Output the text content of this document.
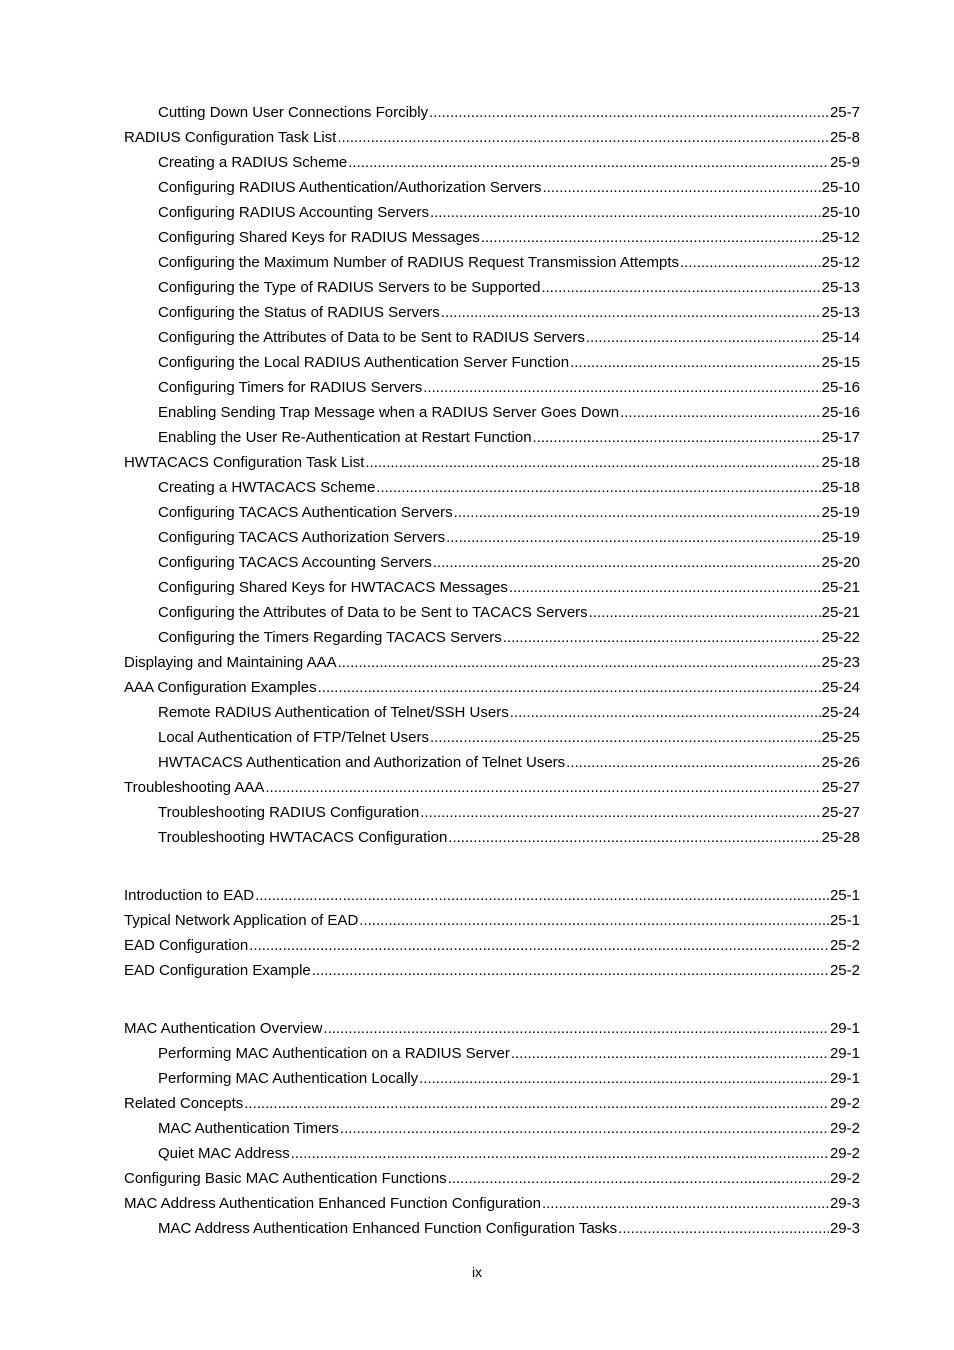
Cutting Down User Connections Forcibly .....	25-7
RADIUS Configuration Task List .....	25-8
Creating a RADIUS Scheme .....	25-9
Configuring RADIUS Authentication/Authorization Servers .....	25-10
Configuring RADIUS Accounting Servers .....	25-10
Configuring Shared Keys for RADIUS Messages .....	25-12
Configuring the Maximum Number of RADIUS Request Transmission Attempts .....	25-12
Configuring the Type of RADIUS Servers to be Supported .....	25-13
Configuring the Status of RADIUS Servers .....	25-13
Configuring the Attributes of Data to be Sent to RADIUS Servers .....	25-14
Configuring the Local RADIUS Authentication Server Function .....	25-15
Configuring Timers for RADIUS Servers .....	25-16
Enabling Sending Trap Message when a RADIUS Server Goes Down .....	25-16
Enabling the User Re-Authentication at Restart Function .....	25-17
HWTACACS Configuration Task List .....	25-18
Creating a HWTACACS Scheme .....	25-18
Configuring TACACS Authentication Servers .....	25-19
Configuring TACACS Authorization Servers .....	25-19
Configuring TACACS Accounting Servers .....	25-20
Configuring Shared Keys for HWTACACS Messages .....	25-21
Configuring the Attributes of Data to be Sent to TACACS Servers .....	25-21
Configuring the Timers Regarding TACACS Servers .....	25-22
Displaying and Maintaining AAA .....	25-23
AAA Configuration Examples .....	25-24
Remote RADIUS Authentication of Telnet/SSH Users .....	25-24
Local Authentication of FTP/Telnet Users .....	25-25
HWTACACS Authentication and Authorization of Telnet Users .....	25-26
Troubleshooting AAA .....	25-27
Troubleshooting RADIUS Configuration .....	25-27
Troubleshooting HWTACACS Configuration .....	25-28
Introduction to EAD .....	25-1
Typical Network Application of EAD .....	25-1
EAD Configuration .....	25-2
EAD Configuration Example .....	25-2
MAC Authentication Overview .....	29-1
Performing MAC Authentication on a RADIUS Server .....	29-1
Performing MAC Authentication Locally .....	29-1
Related Concepts .....	29-2
MAC Authentication Timers .....	29-2
Quiet MAC Address .....	29-2
Configuring Basic MAC Authentication Functions .....	29-2
MAC Address Authentication Enhanced Function Configuration .....	29-3
MAC Address Authentication Enhanced Function Configuration Tasks .....	29-3
ix
